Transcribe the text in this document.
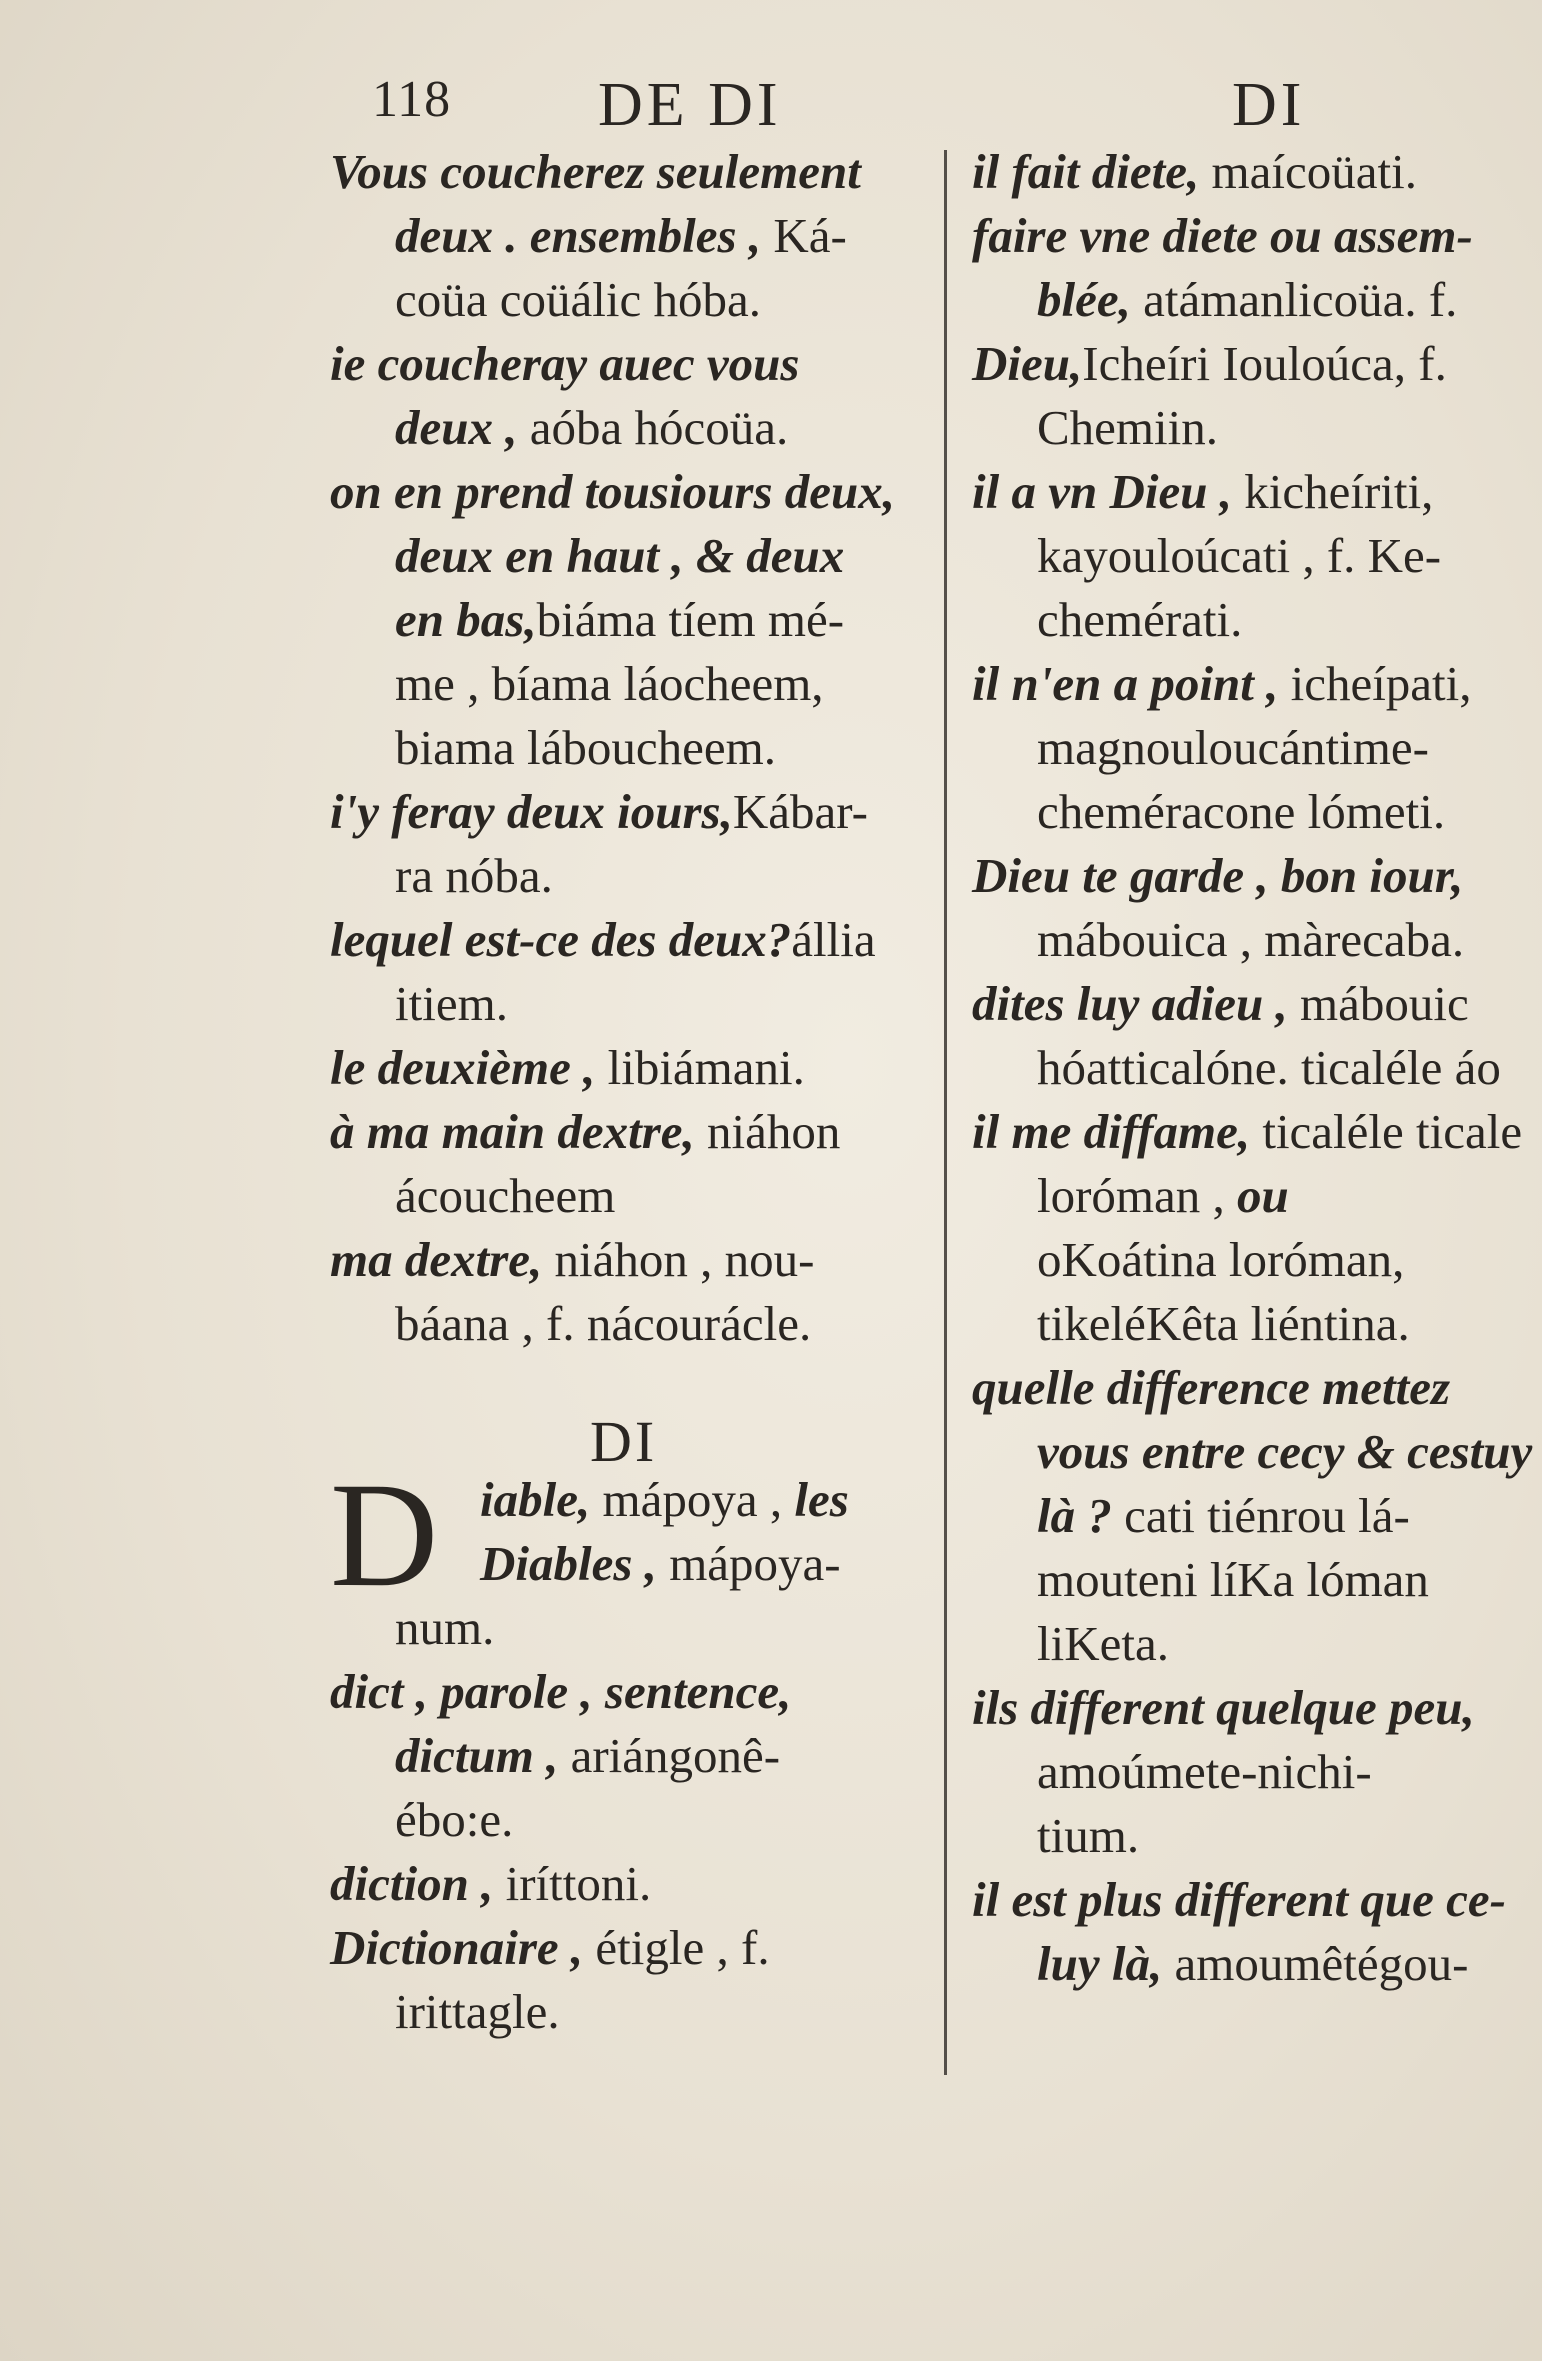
118 DE DI	DI
Vous coucherez seulement
deux . ensembles , Ká-
coüa coüálic hóba.
ie coucheray auec vous
deux , aóba hócoüa.
on en prend tousiours deux,
deux en haut , & deux
en bas,biáma tíem mé-
me , bíama láocheem,
biama láboucheem.
i'y feray deux iours,Kábar-
ra nóba.
lequel est-ce des deux?állia
itiem.
le deuxième , libiámani.
à ma main dextre, niáhon
ácoucheem
ma dextre, niáhon , nou-
báana , f. nácourácle.
DI
D iable, mápoya , les
Diables , mápoya-
num.
dict , parole , sentence,
dictum , ariángonê-
ébo:e.
diction , iríttoni.
Dictionaire , étigle , f.
irittagle.
il fait diete, maícoüati.
faire vne diete ou assem-
blée, atámanlicoüa. f.
Dieu,Icheíri Iouloúca, f.
Chemiin.
il a vn Dieu , kicheíriti,
kayouloúcati , f. Ke-
chemérati.
il n'en a point , icheípati,
magnouloucántime-
cheméracone lómeti.
Dieu te garde , bon iour,
mábouica , màrecaba.
dites luy adieu , mábouic
hóatticalóne. ticaléle áo
il me diffame, ticaléle ticale
loróman , ou
oKoátina loróman,
tikeléKêta liéntina.
quelle difference mettez
vous entre cecy & cestuy
là ? cati tiénrou lá-
mouteni líKa lóman
liKeta.
ils different quelque peu,
amoúmete-nichi-
tium.
il est plus different que ce-
luy là, amoumêtégou-
